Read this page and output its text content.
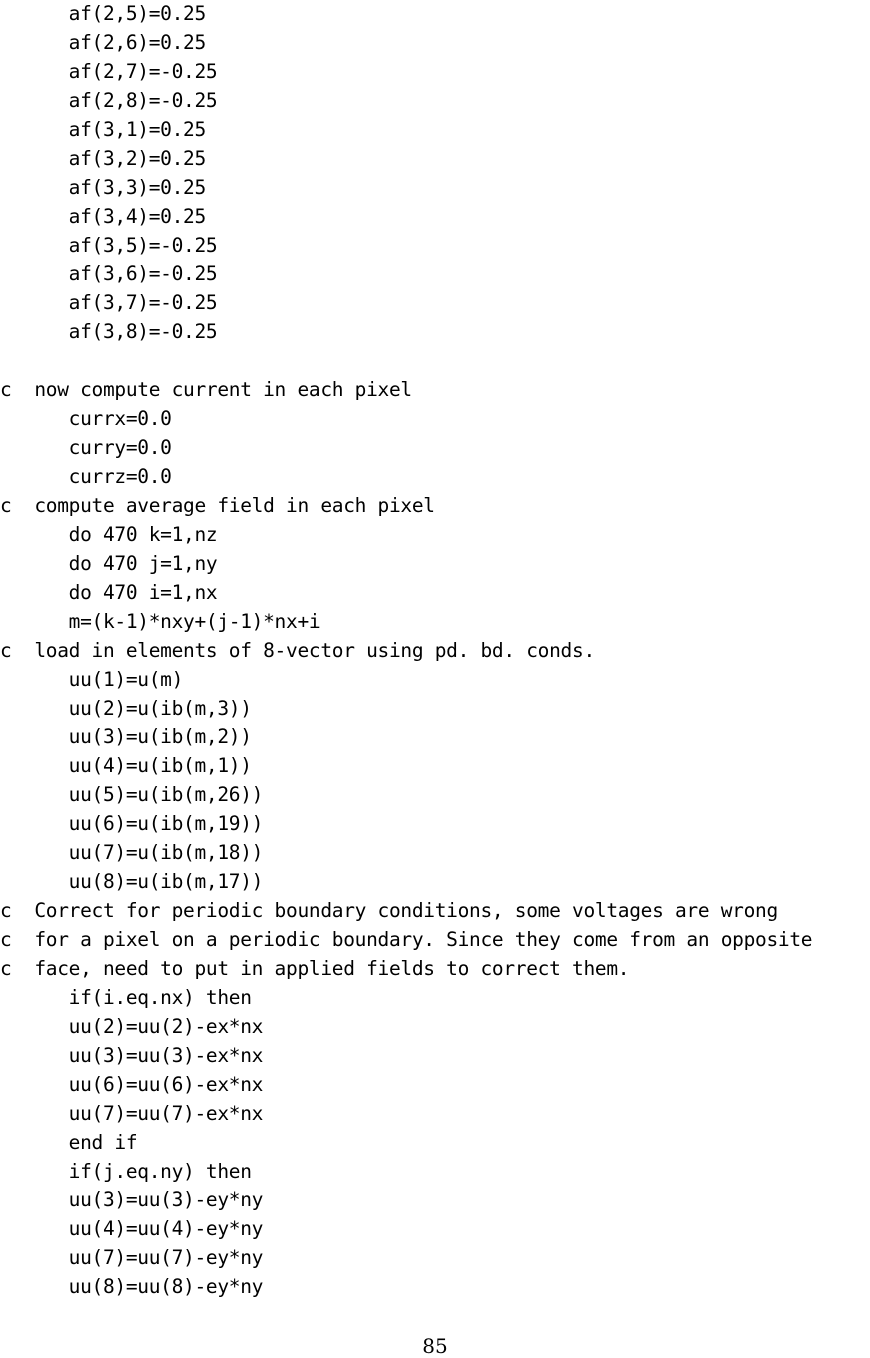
af(2,5)=0.25
af(2,6)=0.25
af(2,7)=-0.25
af(2,8)=-0.25
af(3,1)=0.25
af(3,2)=0.25
af(3,3)=0.25
af(3,4)=0.25
af(3,5)=-0.25
af(3,6)=-0.25
af(3,7)=-0.25
af(3,8)=-0.25
c  now compute current in each pixel
currx=0.0
curry=0.0
currz=0.0
c  compute average field in each pixel
do 470 k=1,nz
do 470 j=1,ny
do 470 i=1,nx
m=(k-1)*nxy+(j-1)*nx+i
c  load in elements of 8-vector using pd. bd. conds.
uu(1)=u(m)
uu(2)=u(ib(m,3))
uu(3)=u(ib(m,2))
uu(4)=u(ib(m,1))
uu(5)=u(ib(m,26))
uu(6)=u(ib(m,19))
uu(7)=u(ib(m,18))
uu(8)=u(ib(m,17))
c  Correct for periodic boundary conditions, some voltages are wrong
c  for a pixel on a periodic boundary. Since they come from an opposite
c  face, need to put in applied fields to correct them.
if(i.eq.nx) then
uu(2)=uu(2)-ex*nx
uu(3)=uu(3)-ex*nx
uu(6)=uu(6)-ex*nx
uu(7)=uu(7)-ex*nx
end if
if(j.eq.ny) then
uu(3)=uu(3)-ey*ny
uu(4)=uu(4)-ey*ny
uu(7)=uu(7)-ey*ny
uu(8)=uu(8)-ey*ny
85
